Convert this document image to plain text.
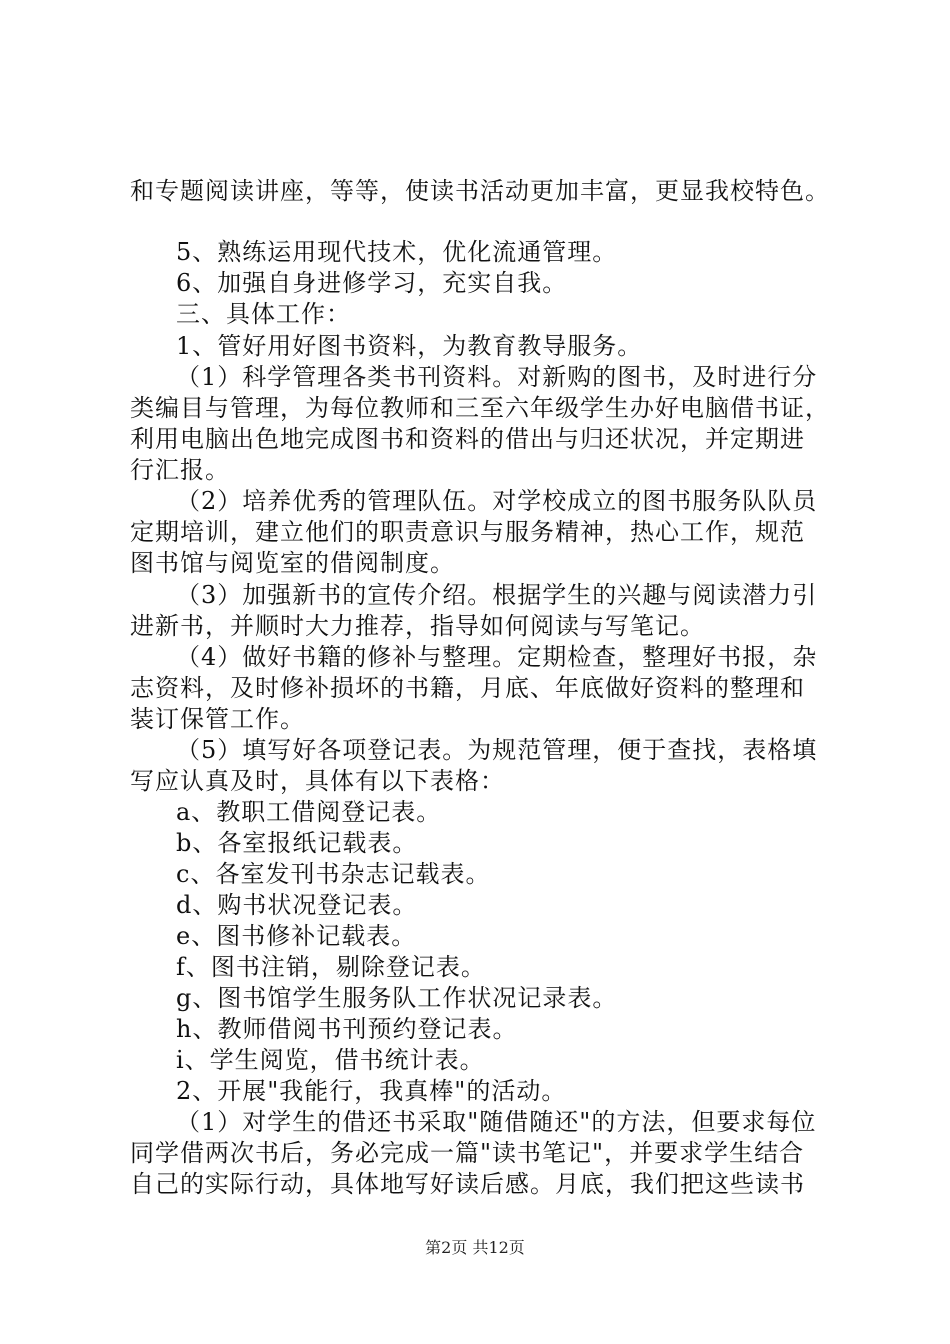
和专题阅读讲座，等等，使读书活动更加丰富，更显我校特色。
5、熟练运用现代技术，优化流通管理。
6、加强自身进修学习，充实自我。
三、具体工作：
1、管好用好图书资料，为教育教导服务。
（1）科学管理各类书刊资料。对新购的图书，及时进行分
类编目与管理，为每位教师和三至六年级学生办好电脑借书证，
利用电脑出色地完成图书和资料的借出与归还状况，并定期进
行汇报。
（2）培养优秀的管理队伍。对学校成立的图书服务队队员
定期培训，建立他们的职责意识与服务精神，热心工作，规范
图书馆与阅览室的借阅制度。
（3）加强新书的宣传介绍。根据学生的兴趣与阅读潜力引
进新书，并顺时大力推荐，指导如何阅读与写笔记。
（4）做好书籍的修补与整理。定期检查，整理好书报，杂
志资料，及时修补损坏的书籍，月底、年底做好资料的整理和
装订保管工作。
（5）填写好各项登记表。为规范管理，便于查找，表格填
写应认真及时，具体有以下表格：
a、教职工借阅登记表。
b、各室报纸记载表。
c、各室发刊书杂志记载表。
d、购书状况登记表。
e、图书修补记载表。
f、图书注销，剔除登记表。
g、图书馆学生服务队工作状况记录表。
h、教师借阅书刊预约登记表。
i、学生阅览，借书统计表。
2、开展"我能行，我真棒"的活动。
（1）对学生的借还书采取"随借随还"的方法，但要求每位
同学借两次书后，务必完成一篇"读书笔记"，并要求学生结合
自己的实际行动，具体地写好读后感。月底，我们把这些读书
第2页 共12页
